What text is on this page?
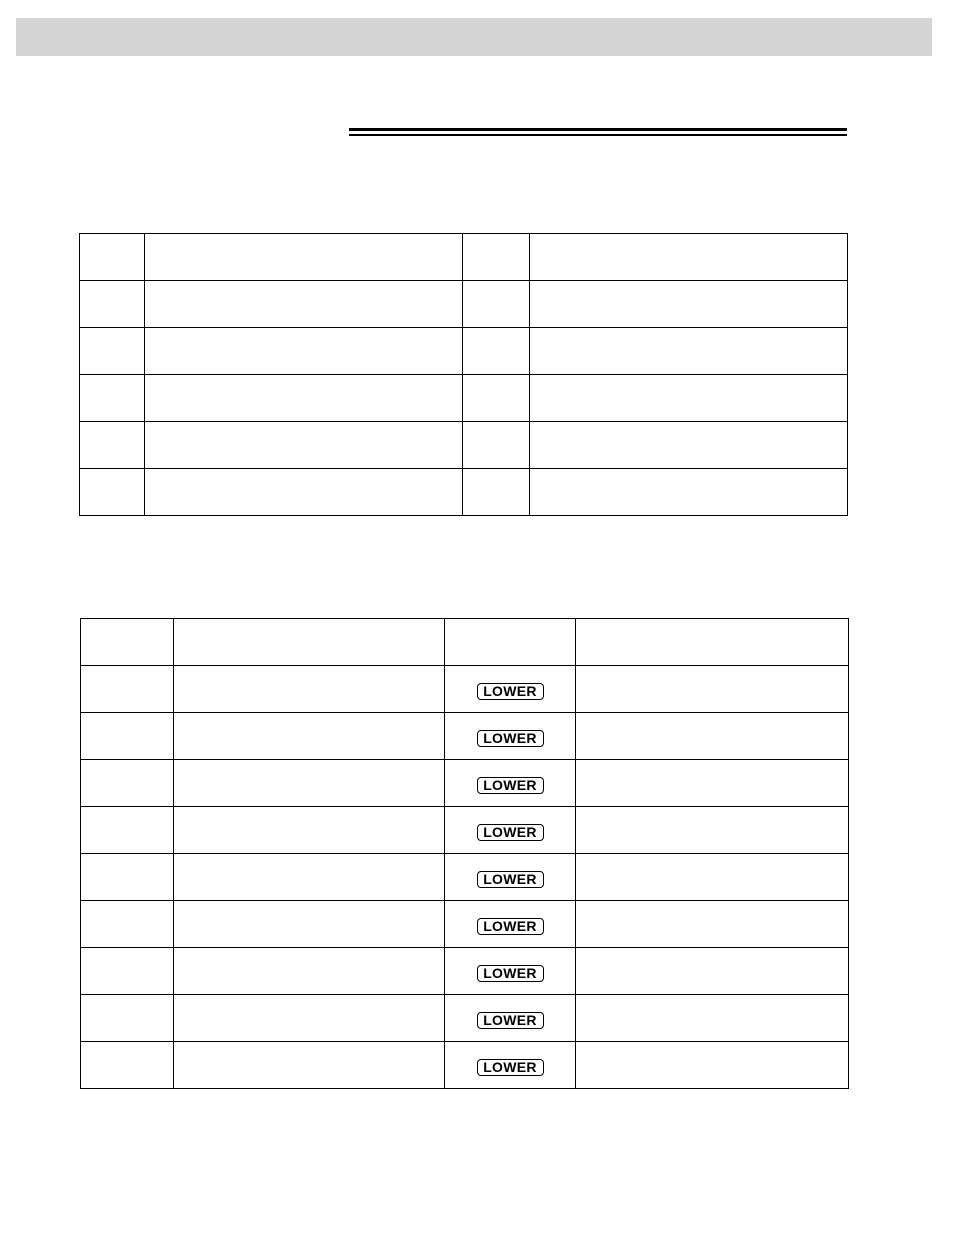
		LOWER	
		LOWER	
		LOWER	
		LOWER	
		LOWER	
		LOWER	
		LOWER	
		LOWER	
		LOWER	
